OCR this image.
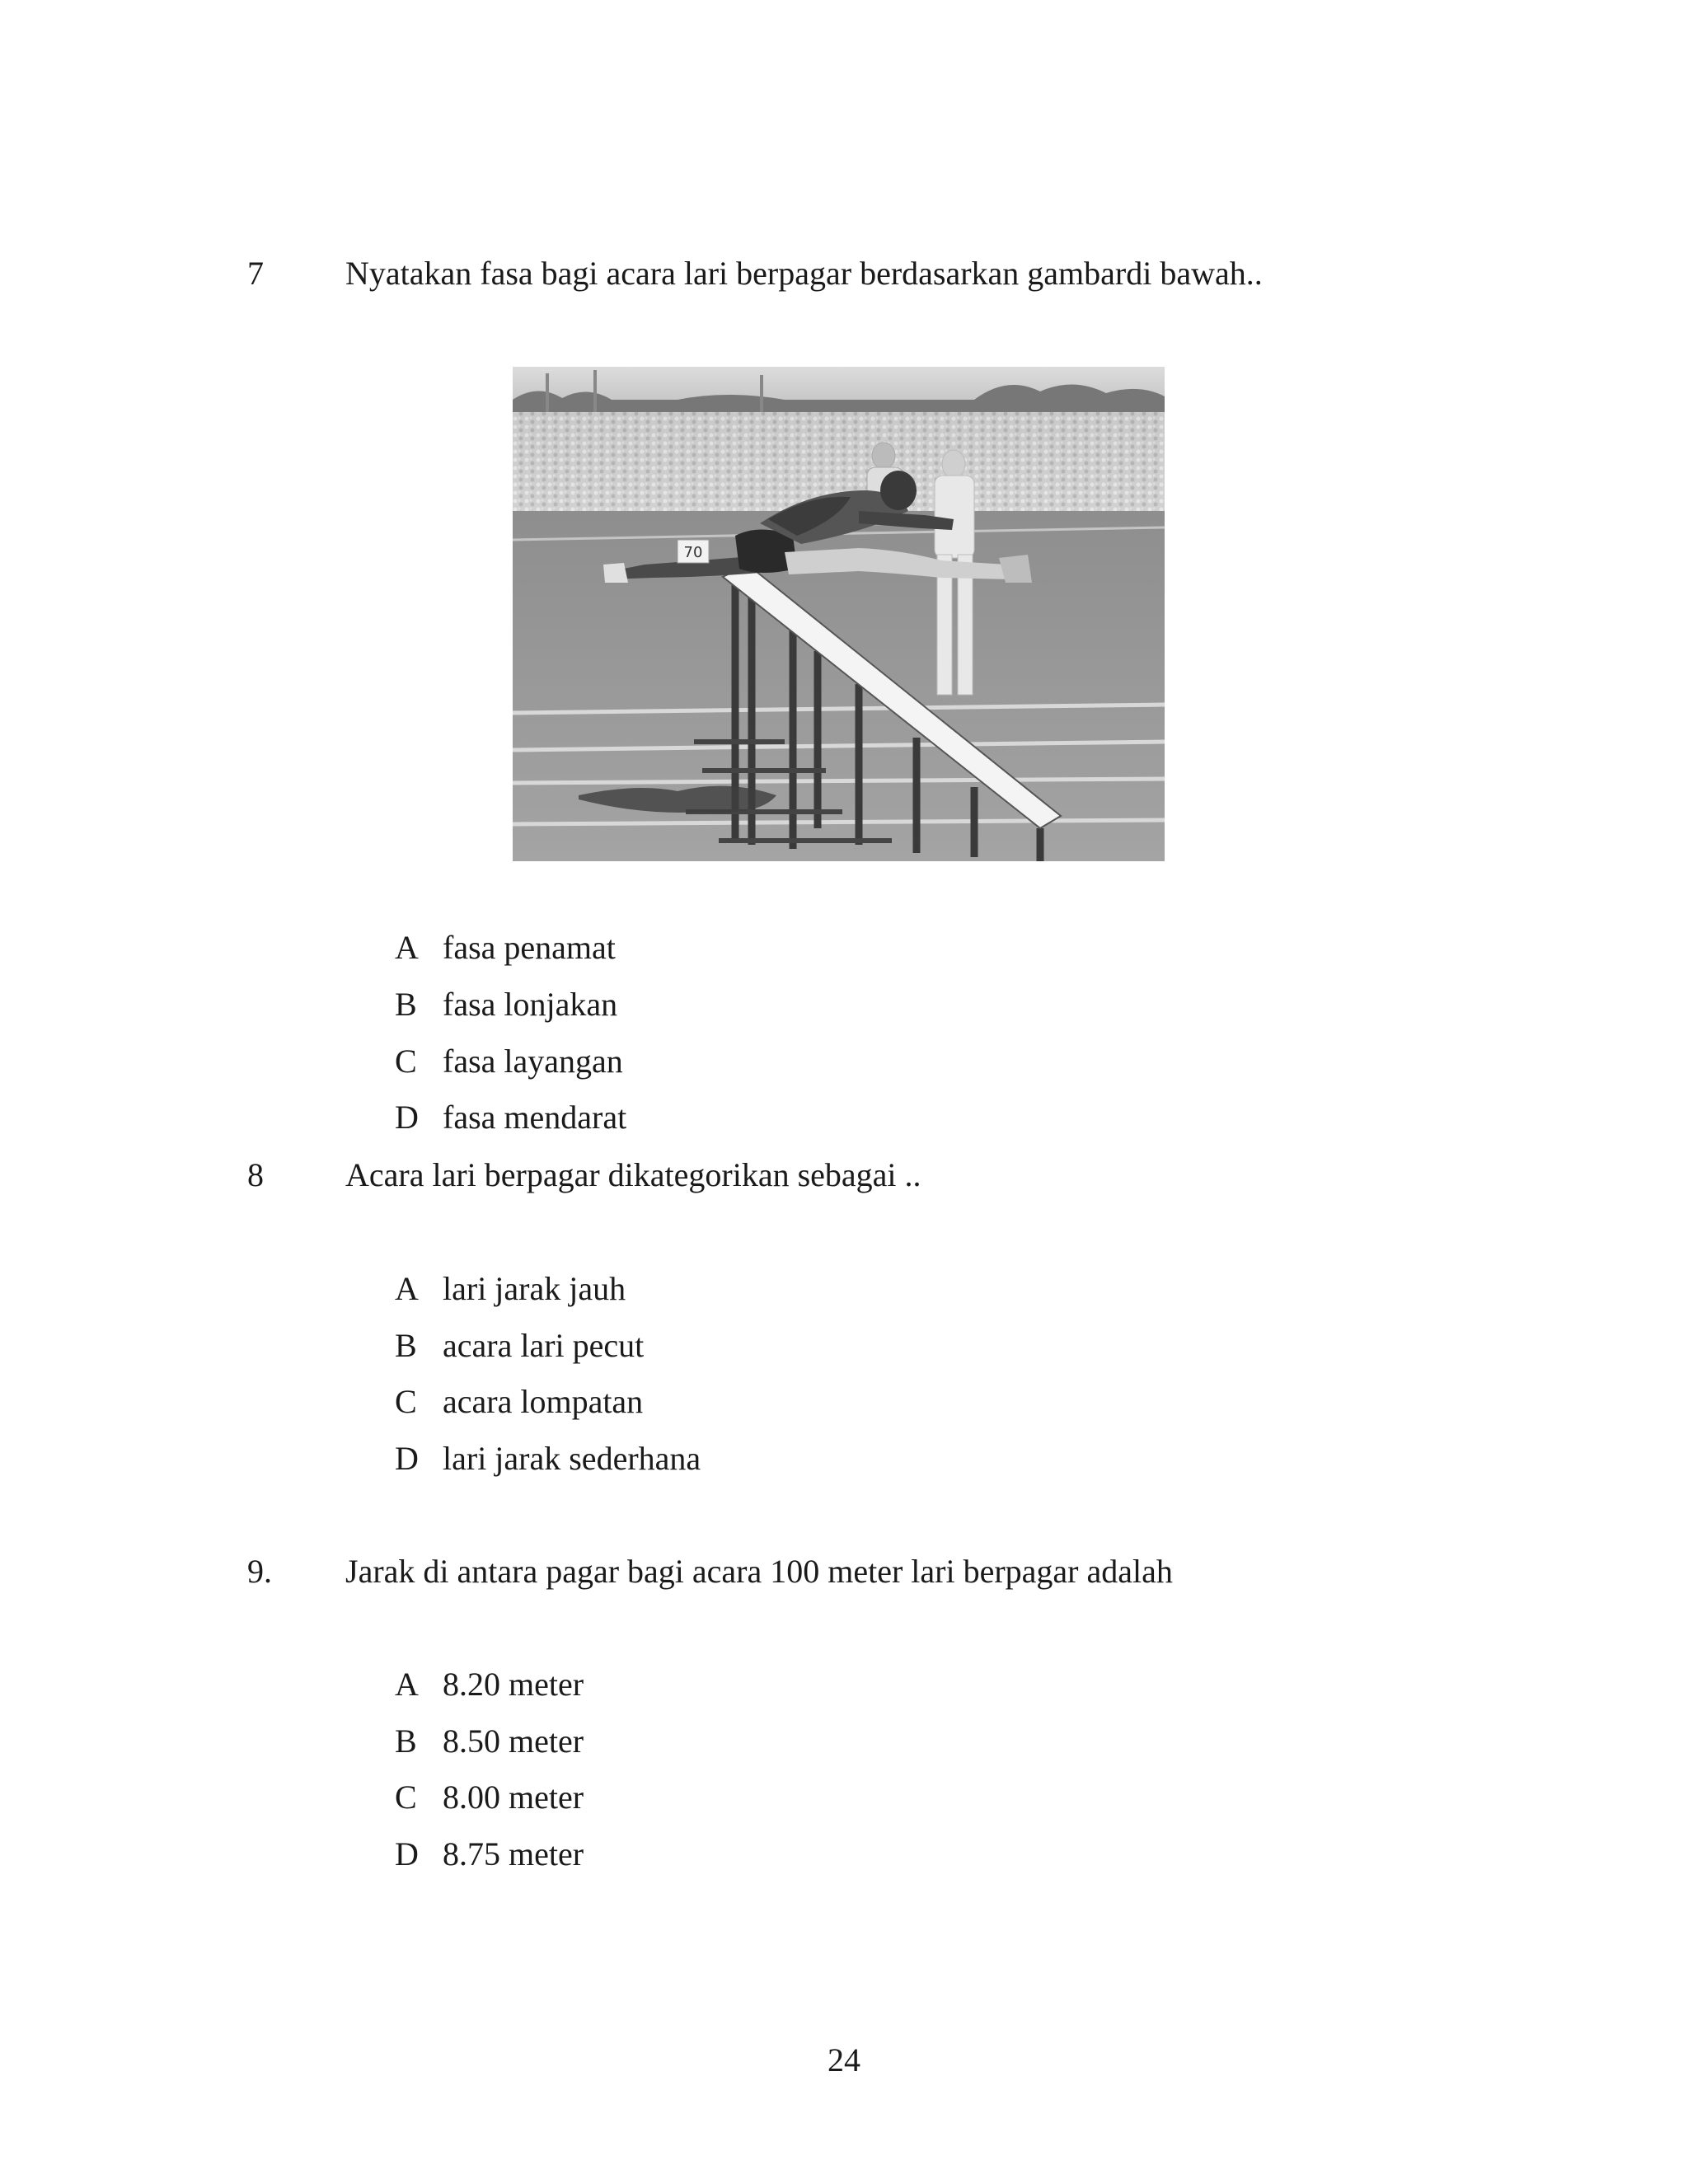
7 Nyatakan fasa bagi acara lari berpagar berdasarkan gambardi bawah..
70
A fasa penamat
B fasa lonjakan
C fasa layangan
D fasa mendarat
8 Acara lari berpagar dikategorikan sebagai ..
A lari jarak jauh
B acara lari pecut
C acara lompatan
D lari jarak sederhana
9. Jarak di antara pagar bagi acara 100 meter lari berpagar adalah
A 8.20 meter
B 8.50 meter
C 8.00 meter
D 8.75 meter
24
